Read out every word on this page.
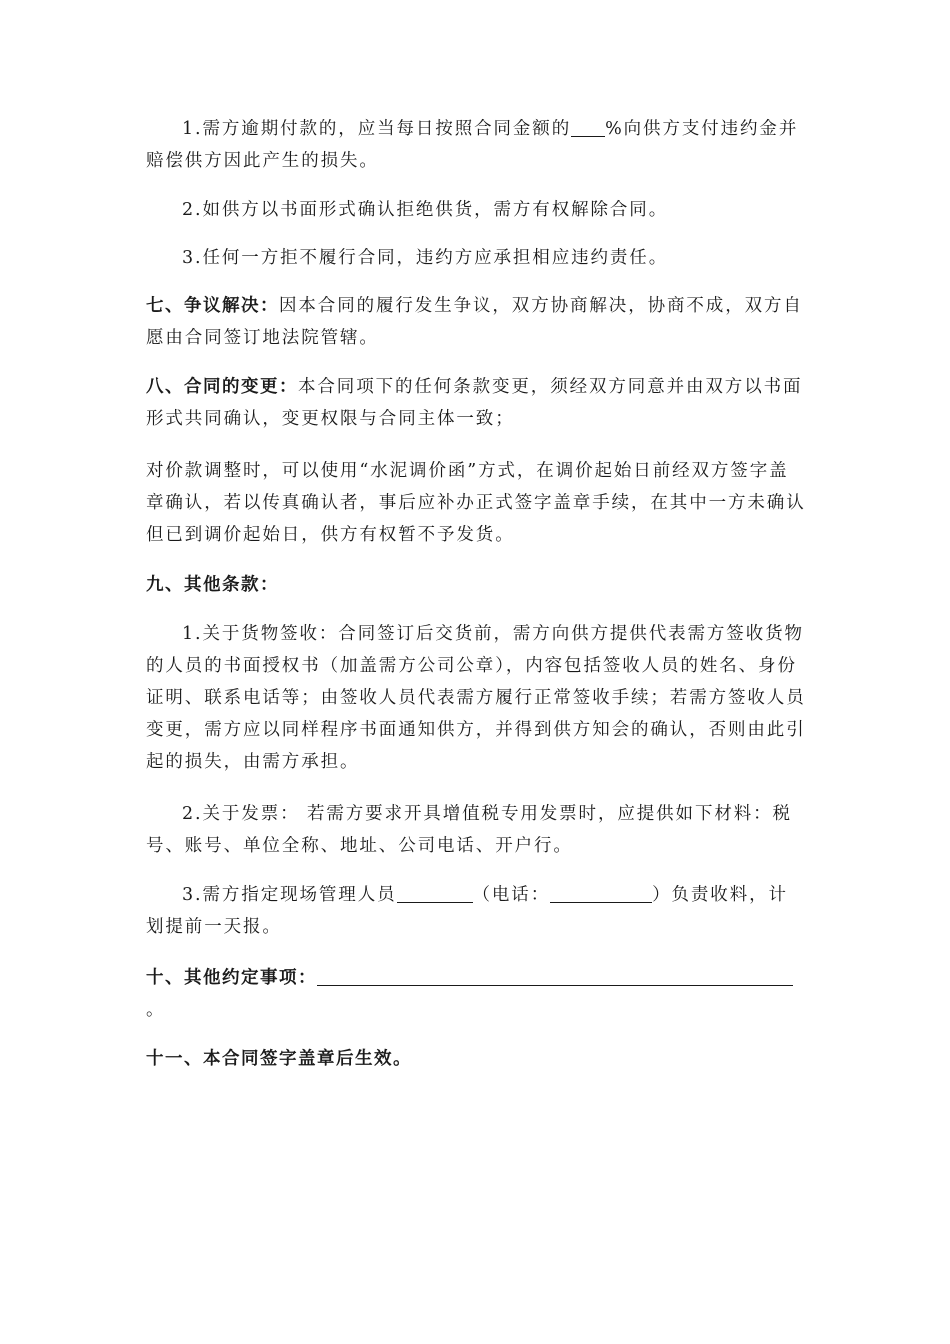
1.需方逾期付款的，应当每日按照合同金额的 %向供方支付违约金并赔偿供方因此产生的损失。

2.如供方以书面形式确认拒绝供货，需方有权解除合同。

3.任何一方拒不履行合同，违约方应承担相应违约责任。

七、争议解决：因本合同的履行发生争议，双方协商解决，协商不成，双方自愿由合同签订地法院管辖。

八、合同的变更：本合同项下的任何条款变更，须经双方同意并由双方以书面形式共同确认，变更权限与合同主体一致；

对价款调整时，可以使用“水泥调价函”方式，在调价起始日前经双方签字盖章确认，若以传真确认者，事后应补办正式签字盖章手续，在其中一方未确认但已到调价起始日，供方有权暂不予发货。

九、其他条款：

1.关于货物签收：合同签订后交货前，需方向供方提供代表需方签收货物的人员的书面授权书（加盖需方公司公章），内容包括签收人员的姓名、身份证明、联系电话等；由签收人员代表需方履行正常签收手续；若需方签收人员变更，需方应以同样程序书面通知供方，并得到供方知会的确认，否则由此引起的损失，由需方承担。

2.关于发票： 若需方要求开具增值税专用发票时，应提供如下材料：税号、账号、单位全称、地址、公司电话、开户行。

3.需方指定现场管理人员	（电话：	）负责收料，计划提前一天报。

十、其他约定事项：。

十一、本合同签字盖章后生效。
